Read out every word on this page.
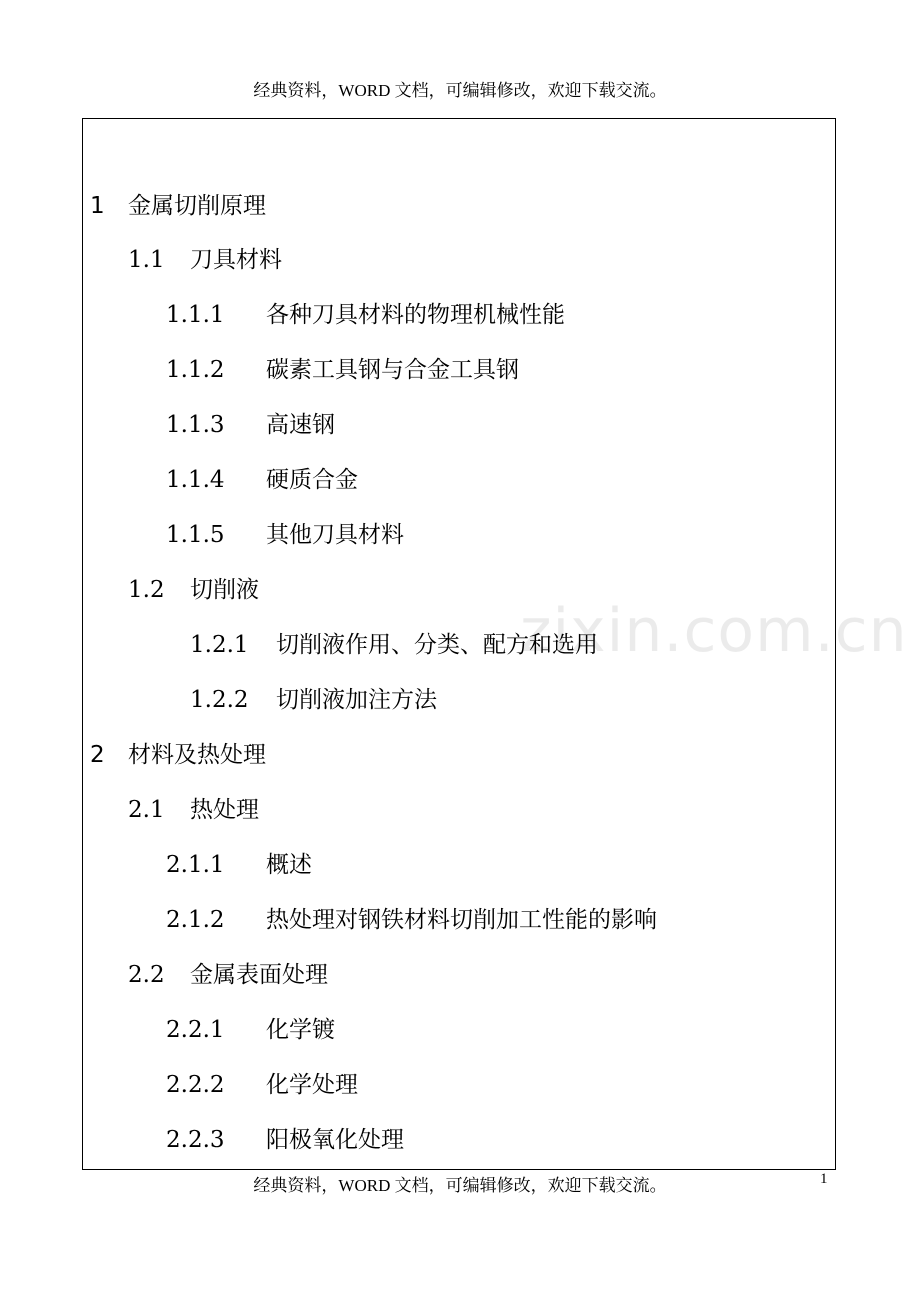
经典资料，WORD 文档，可编辑修改，欢迎下载交流。
zixin.com.cn
1 金属切削原理
1.1 刀具材料
1.1.1 各种刀具材料的物理机械性能
1.1.2 碳素工具钢与合金工具钢
1.1.3 高速钢
1.1.4 硬质合金
1.1.5 其他刀具材料
1.2 切削液
1.2.1 切削液作用、分类、配方和选用
1.2.2 切削液加注方法
2 材料及热处理
2.1 热处理
2.1.1 概述
2.1.2 热处理对钢铁材料切削加工性能的影响
2.2 金属表面处理
2.2.1 化学镀
2.2.2 化学处理
2.2.3 阳极氧化处理
经典资料，WORD 文档，可编辑修改，欢迎下载交流。	1
